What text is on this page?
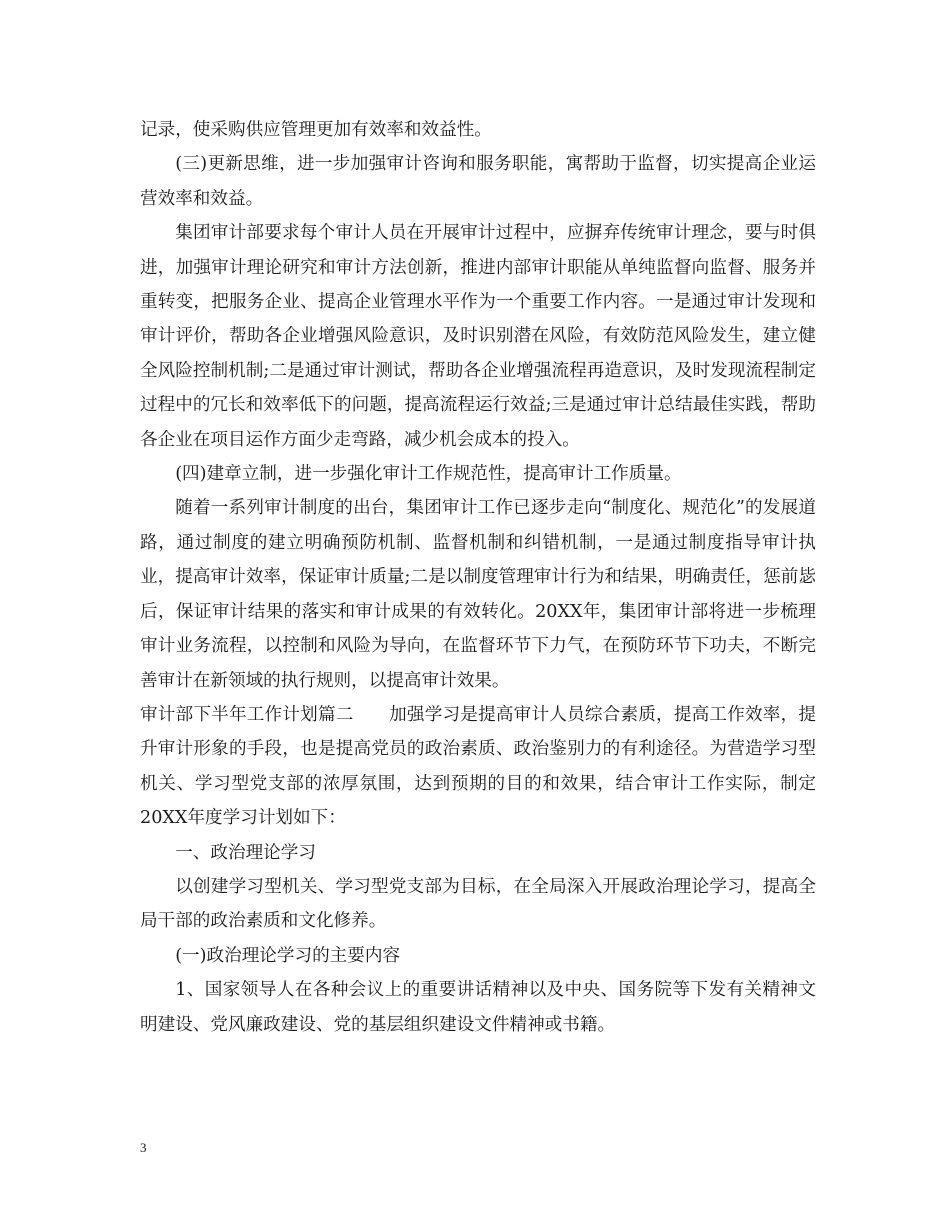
记录，使采购供应管理更加有效率和效益性。

(三)更新思维，进一步加强审计咨询和服务职能，寓帮助于监督，切实提高企业运营效率和效益。

集团审计部要求每个审计人员在开展审计过程中，应摒弃传统审计理念，要与时俱进，加强审计理论研究和审计方法创新，推进内部审计职能从单纯监督向监督、服务并重转变，把服务企业、提高企业管理水平作为一个重要工作内容。一是通过审计发现和审计评价，帮助各企业增强风险意识，及时识别潜在风险，有效防范风险发生，建立健全风险控制机制;二是通过审计测试，帮助各企业增强流程再造意识，及时发现流程制定过程中的冗长和效率低下的问题，提高流程运行效益;三是通过审计总结最佳实践，帮助各企业在项目运作方面少走弯路，减少机会成本的投入。

(四)建章立制，进一步强化审计工作规范性，提高审计工作质量。

随着一系列审计制度的出台，集团审计工作已逐步走向“制度化、规范化”的发展道路，通过制度的建立明确预防机制、监督机制和纠错机制，一是通过制度指导审计执业，提高审计效率，保证审计质量;二是以制度管理审计行为和结果，明确责任，惩前毖后，保证审计结果的落实和审计成果的有效转化。20XX年，集团审计部将进一步梳理审计业务流程，以控制和风险为导向，在监督环节下力气，在预防环节下功夫，不断完善审计在新领域的执行规则，以提高审计效果。

审计部下半年工作计划篇二　　加强学习是提高审计人员综合素质，提高工作效率，提升审计形象的手段，也是提高党员的政治素质、政治鉴别力的有利途径。为营造学习型机关、学习型党支部的浓厚氛围，达到预期的目的和效果，结合审计工作实际，制定20XX年度学习计划如下：

一、政治理论学习

以创建学习型机关、学习型党支部为目标，在全局深入开展政治理论学习，提高全局干部的政治素质和文化修养。

(一)政治理论学习的主要内容

1、国家领导人在各种会议上的重要讲话精神以及中央、国务院等下发有关精神文明建设、党风廉政建设、党的基层组织建设文件精神或书籍。

3
